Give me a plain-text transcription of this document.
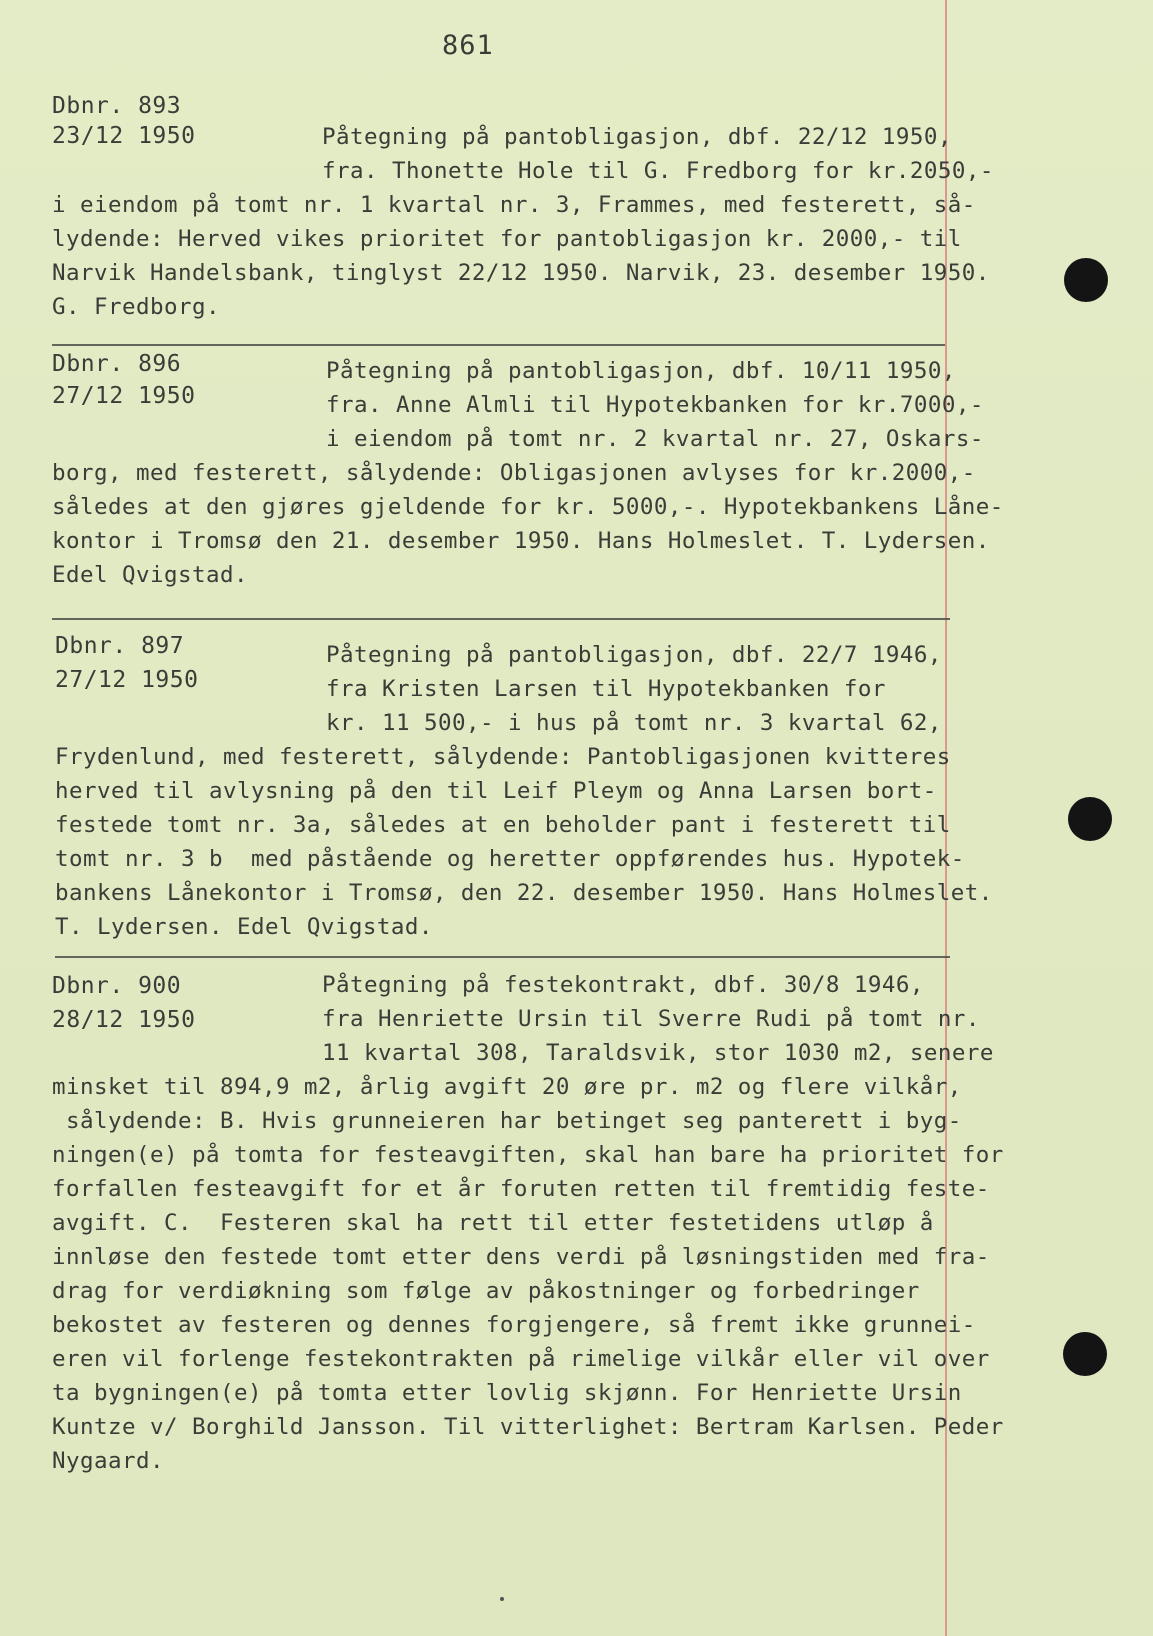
861
Dbnr. 893
23/12 1950	Påtegning på pantobligasjon, dbf. 22/12 1950,
fra. Thonette Hole til G. Fredborg for kr.2050,-
i eiendom på tomt nr. 1 kvartal nr. 3, Frammes, med festerett, så-
lydende: Herved vikes prioritet for pantobligasjon kr. 2000,- til
Narvik Handelsbank, tinglyst 22/12 1950. Narvik, 23. desember 1950.
G. Fredborg.
Dbnr. 896
27/12 1950
Påtegning på pantobligasjon, dbf. 10/11 1950,
fra. Anne Almli til Hypotekbanken for kr.7000,-
i eiendom på tomt nr. 2 kvartal nr. 27, Oskars-
borg, med festerett, sålydende: Obligasjonen avlyses for kr.2000,-
således at den gjøres gjeldende for kr. 5000,-. Hypotekbankens Låne-
kontor i Tromsø den 21. desember 1950. Hans Holmeslet. T. Lydersen.
Edel Qvigstad.
Dbnr. 897
27/12 1950
Påtegning på pantobligasjon, dbf. 22/7 1946,
fra Kristen Larsen til Hypotekbanken for
kr. 11 500,- i hus på tomt nr. 3 kvartal 62,
Frydenlund, med festerett, sålydende: Pantobligasjonen kvitteres
herved til avlysning på den til Leif Pleym og Anna Larsen bort-
festede tomt nr. 3a, således at en beholder pant i festerett til
tomt nr. 3 b  med påstående og heretter oppførendes hus. Hypotek-
bankens Lånekontor i Tromsø, den 22. desember 1950. Hans Holmeslet.
T. Lydersen. Edel Qvigstad.
Dbnr. 900
28/12 1950
Påtegning på festekontrakt, dbf. 30/8 1946,
fra Henriette Ursin til Sverre Rudi på tomt nr.
11 kvartal 308, Taraldsvik, stor 1030 m2, senere
minsket til 894,9 m2, årlig avgift 20 øre pr. m2 og flere vilkår,
sålydende: B. Hvis grunneieren har betinget seg panterett i byg-
ningen(e) på tomta for festeavgiften, skal han bare ha prioritet for
forfallen festeavgift for et år foruten retten til fremtidig feste-
avgift. C.  Festeren skal ha rett til etter festetidens utløp å
innløse den festede tomt etter dens verdi på løsningstiden med fra-
drag for verdiøkning som følge av påkostninger og forbedringer
bekostet av festeren og dennes forgjengere, så fremt ikke grunnei-
eren vil forlenge festekontrakten på rimelige vilkår eller vil over
ta bygningen(e) på tomta etter lovlig skjønn. For Henriette Ursin
Kuntze v/ Borghild Jansson. Til vitterlighet: Bertram Karlsen. Peder
Nygaard.
